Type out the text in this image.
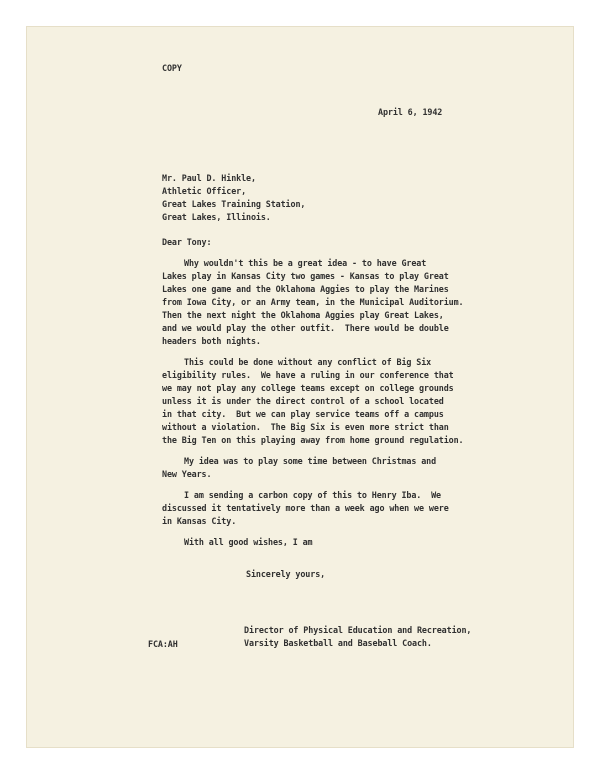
COPY
April 6, 1942
Mr. Paul D. Hinkle,
Athletic Officer,
Great Lakes Training Station,
Great Lakes, Illinois.
Dear Tony:
Why wouldn't this be a great idea - to have Great
Lakes play in Kansas City two games - Kansas to play Great
Lakes one game and the Oklahoma Aggies to play the Marines
from Iowa City, or an Army team, in the Municipal Auditorium.
Then the next night the Oklahoma Aggies play Great Lakes,
and we would play the other outfit.  There would be double
headers both nights.
This could be done without any conflict of Big Six
eligibility rules.  We have a ruling in our conference that
we may not play any college teams except on college grounds
unless it is under the direct control of a school located
in that city.  But we can play service teams off a campus
without a violation.  The Big Six is even more strict than
the Big Ten on this playing away from home ground regulation.
My idea was to play some time between Christmas and
New Years.
I am sending a carbon copy of this to Henry Iba.  We
discussed it tentatively more than a week ago when we were
in Kansas City.
With all good wishes, I am
Sincerely yours,
FCA:AH
Director of Physical Education and Recreation,
Varsity Basketball and Baseball Coach.
